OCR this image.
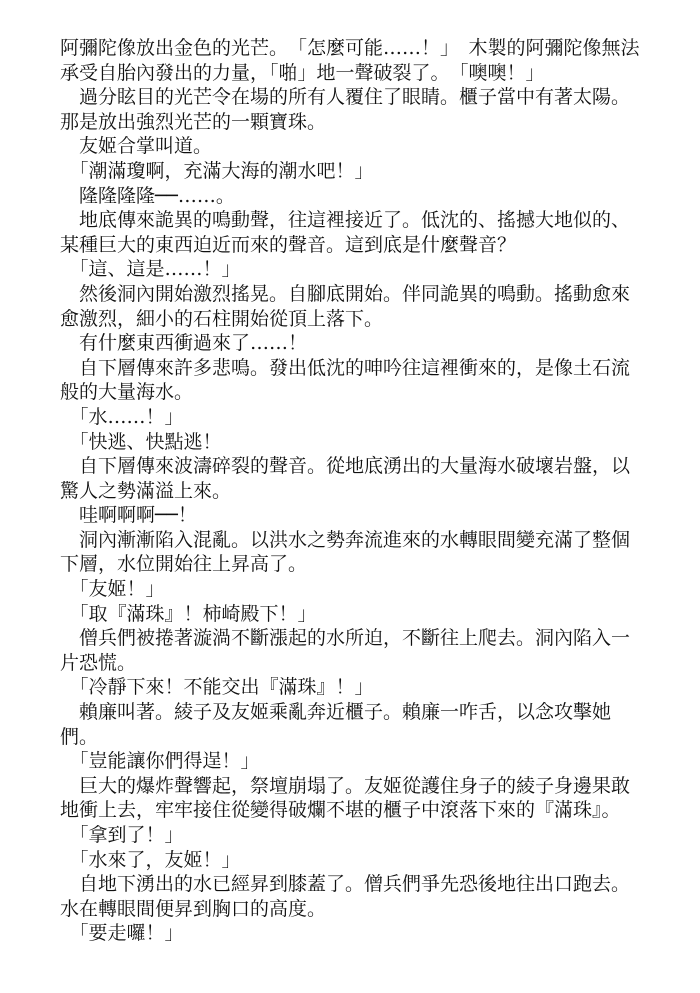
阿彌陀像放出金色的光芒。　「怎麼可能……！」　木製的阿彌陀像無法承受自胎內發出的力量，「啪」地一聲破裂了。　「噢噢！」

　過分眩目的光芒令在場的所有人覆住了眼睛。櫃子當中有著太陽。那是放出強烈光芒的一顆寶珠。

　友姬合掌叫道。

　「潮滿瓊啊，充滿大海的潮水吧！」

　隆隆隆隆──……。

　地底傳來詭異的鳴動聲，往這裡接近了。低沈的、搖撼大地似的、某種巨大的東西迫近而來的聲音。這到底是什麼聲音？

　「這、這是……！」

　然後洞內開始激烈搖晃。自腳底開始。伴同詭異的鳴動。搖動愈來愈激烈，細小的石柱開始從頂上落下。

　有什麼東西衝過來了……！

　自下層傳來許多悲鳴。發出低沈的呻吟往這裡衝來的，是像土石流般的大量海水。

　「水……！」

　「快逃、快點逃！

　自下層傳來波濤碎裂的聲音。從地底湧出的大量海水破壞岩盤，以驚人之勢滿溢上來。

　哇啊啊啊──！

　洞內漸漸陷入混亂。以洪水之勢奔流進來的水轉眼間變充滿了整個下層，水位開始往上昇高了。

　「友姬！」

　「取『滿珠』！柿崎殿下！」

　僧兵們被捲著漩渦不斷漲起的水所迫，不斷往上爬去。洞內陷入一片恐慌。

　「冷靜下來！不能交出『滿珠』！」

　賴廉叫著。綾子及友姬乘亂奔近櫃子。賴廉一咋舌，以念攻擊她們。

　「豈能讓你們得逞！」

　巨大的爆炸聲響起，祭壇崩塌了。友姬從護住身子的綾子身邊果敢地衝上去，牢牢接住從變得破爛不堪的櫃子中滾落下來的『滿珠』。

　「拿到了！」

　「水來了，友姬！」

　自地下湧出的水已經昇到膝蓋了。僧兵們爭先恐後地往出口跑去。水在轉眼間便昇到胸口的高度。

　「要走囉！」
